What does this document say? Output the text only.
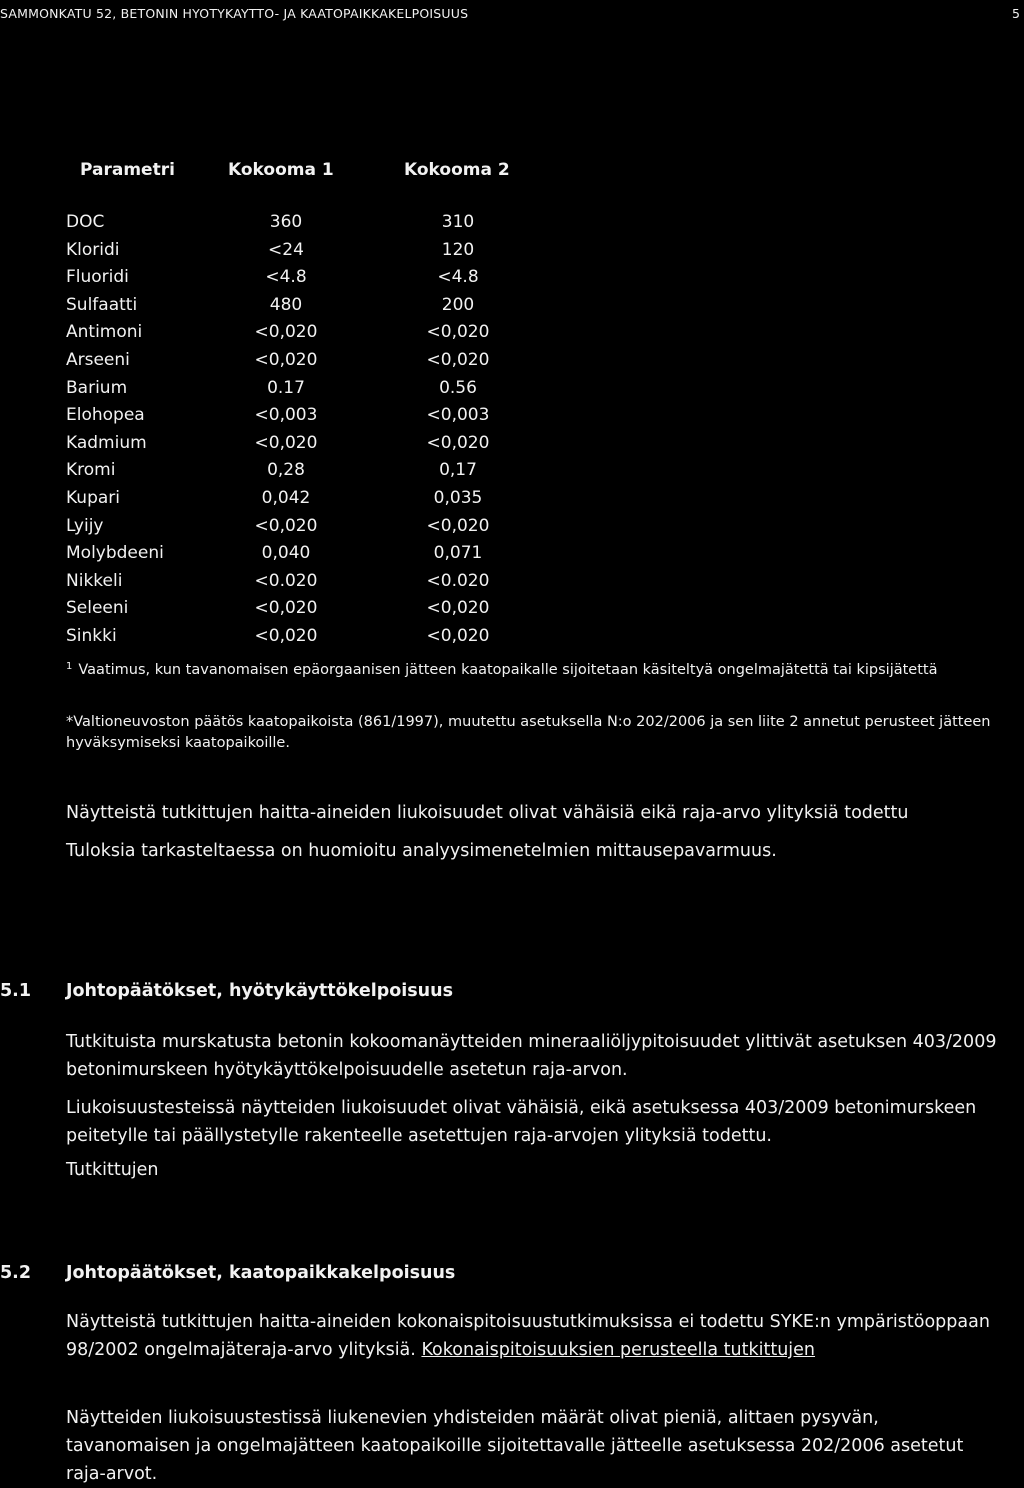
SAMMONKATU 52, BETONIN HYOTYKAYTTO- JA KAATOPAIKKAKELPOISUUS	5
Parametri	Kokooma 1	Kokooma 2
DOC	360	310
Kloridi	<24	120
Fluoridi	<4.8	<4.8
Sulfaatti	480	200
Antimoni	<0,020	<0,020
Arseeni	<0,020	<0,020
Barium	0.17	0.56
Elohopea	<0,003	<0,003
Kadmium	<0,020	<0,020
Kromi	0,28	0,17
Kupari	0,042	0,035
Lyijy	<0,020	<0,020
Molybdeeni	0,040	0,071
Nikkeli	<0.020	<0.020
Seleeni	<0,020	<0,020
Sinkki	<0,020	<0,020
$^1$ Vaatimus, kun tavanomaisen epäorgaanisen jätteen kaatopaikalle sijoitetaan käsiteltyä ongelmajätettä tai kipsijätettä
*Valtioneuvoston päätös kaatopaikoista (861/1997), muutettu asetuksella N:o 202/2006 ja sen liite 2 annetut perusteet jätteen hyväksymiseksi kaatopaikoille.
Näytteistä tutkittujen haitta-aineiden liukoisuudet olivat vähäisiä eikä raja-arvo ylityksiä todettu
Tuloksia tarkasteltaessa on huomioitu analyysimenetelmien mittausepavarmuus.
5.1 Johtopäätökset, hyötykäyttökelpoisuus
Tutkituista murskatusta betonin kokoomanäytteiden mineraaliöljypitoisuudet ylittivät asetuksen 403/2009 betonimurskeen hyötykäyttökelpoisuudelle asetetun raja-arvon.
Liukoisuustesteissä näytteiden liukoisuudet olivat vähäisiä, eikä asetuksessa 403/2009 betonimurskeen peitetylle tai päällystetylle rakenteelle asetettujen raja-arvojen ylityksiä todettu.
Tutkittujen
5.2 Johtopäätökset, kaatopaikkakelpoisuus
Näytteistä tutkittujen haitta-aineiden kokonaispitoisuustutkimuksissa ei todettu SYKE:n ympäristöoppaan 98/2002 ongelmajäteraja-arvo ylityksiä. Kokonaispitoisuuksien perusteella tutkittujen
Näytteiden liukoisuustestissä liukenevien yhdisteiden määrät olivat pieniä, alittaen pysyvän, tavanomaisen ja ongelmajätteen kaatopaikoille sijoitettavalle jätteelle asetuksessa 202/2006 asetetut raja-arvot.
